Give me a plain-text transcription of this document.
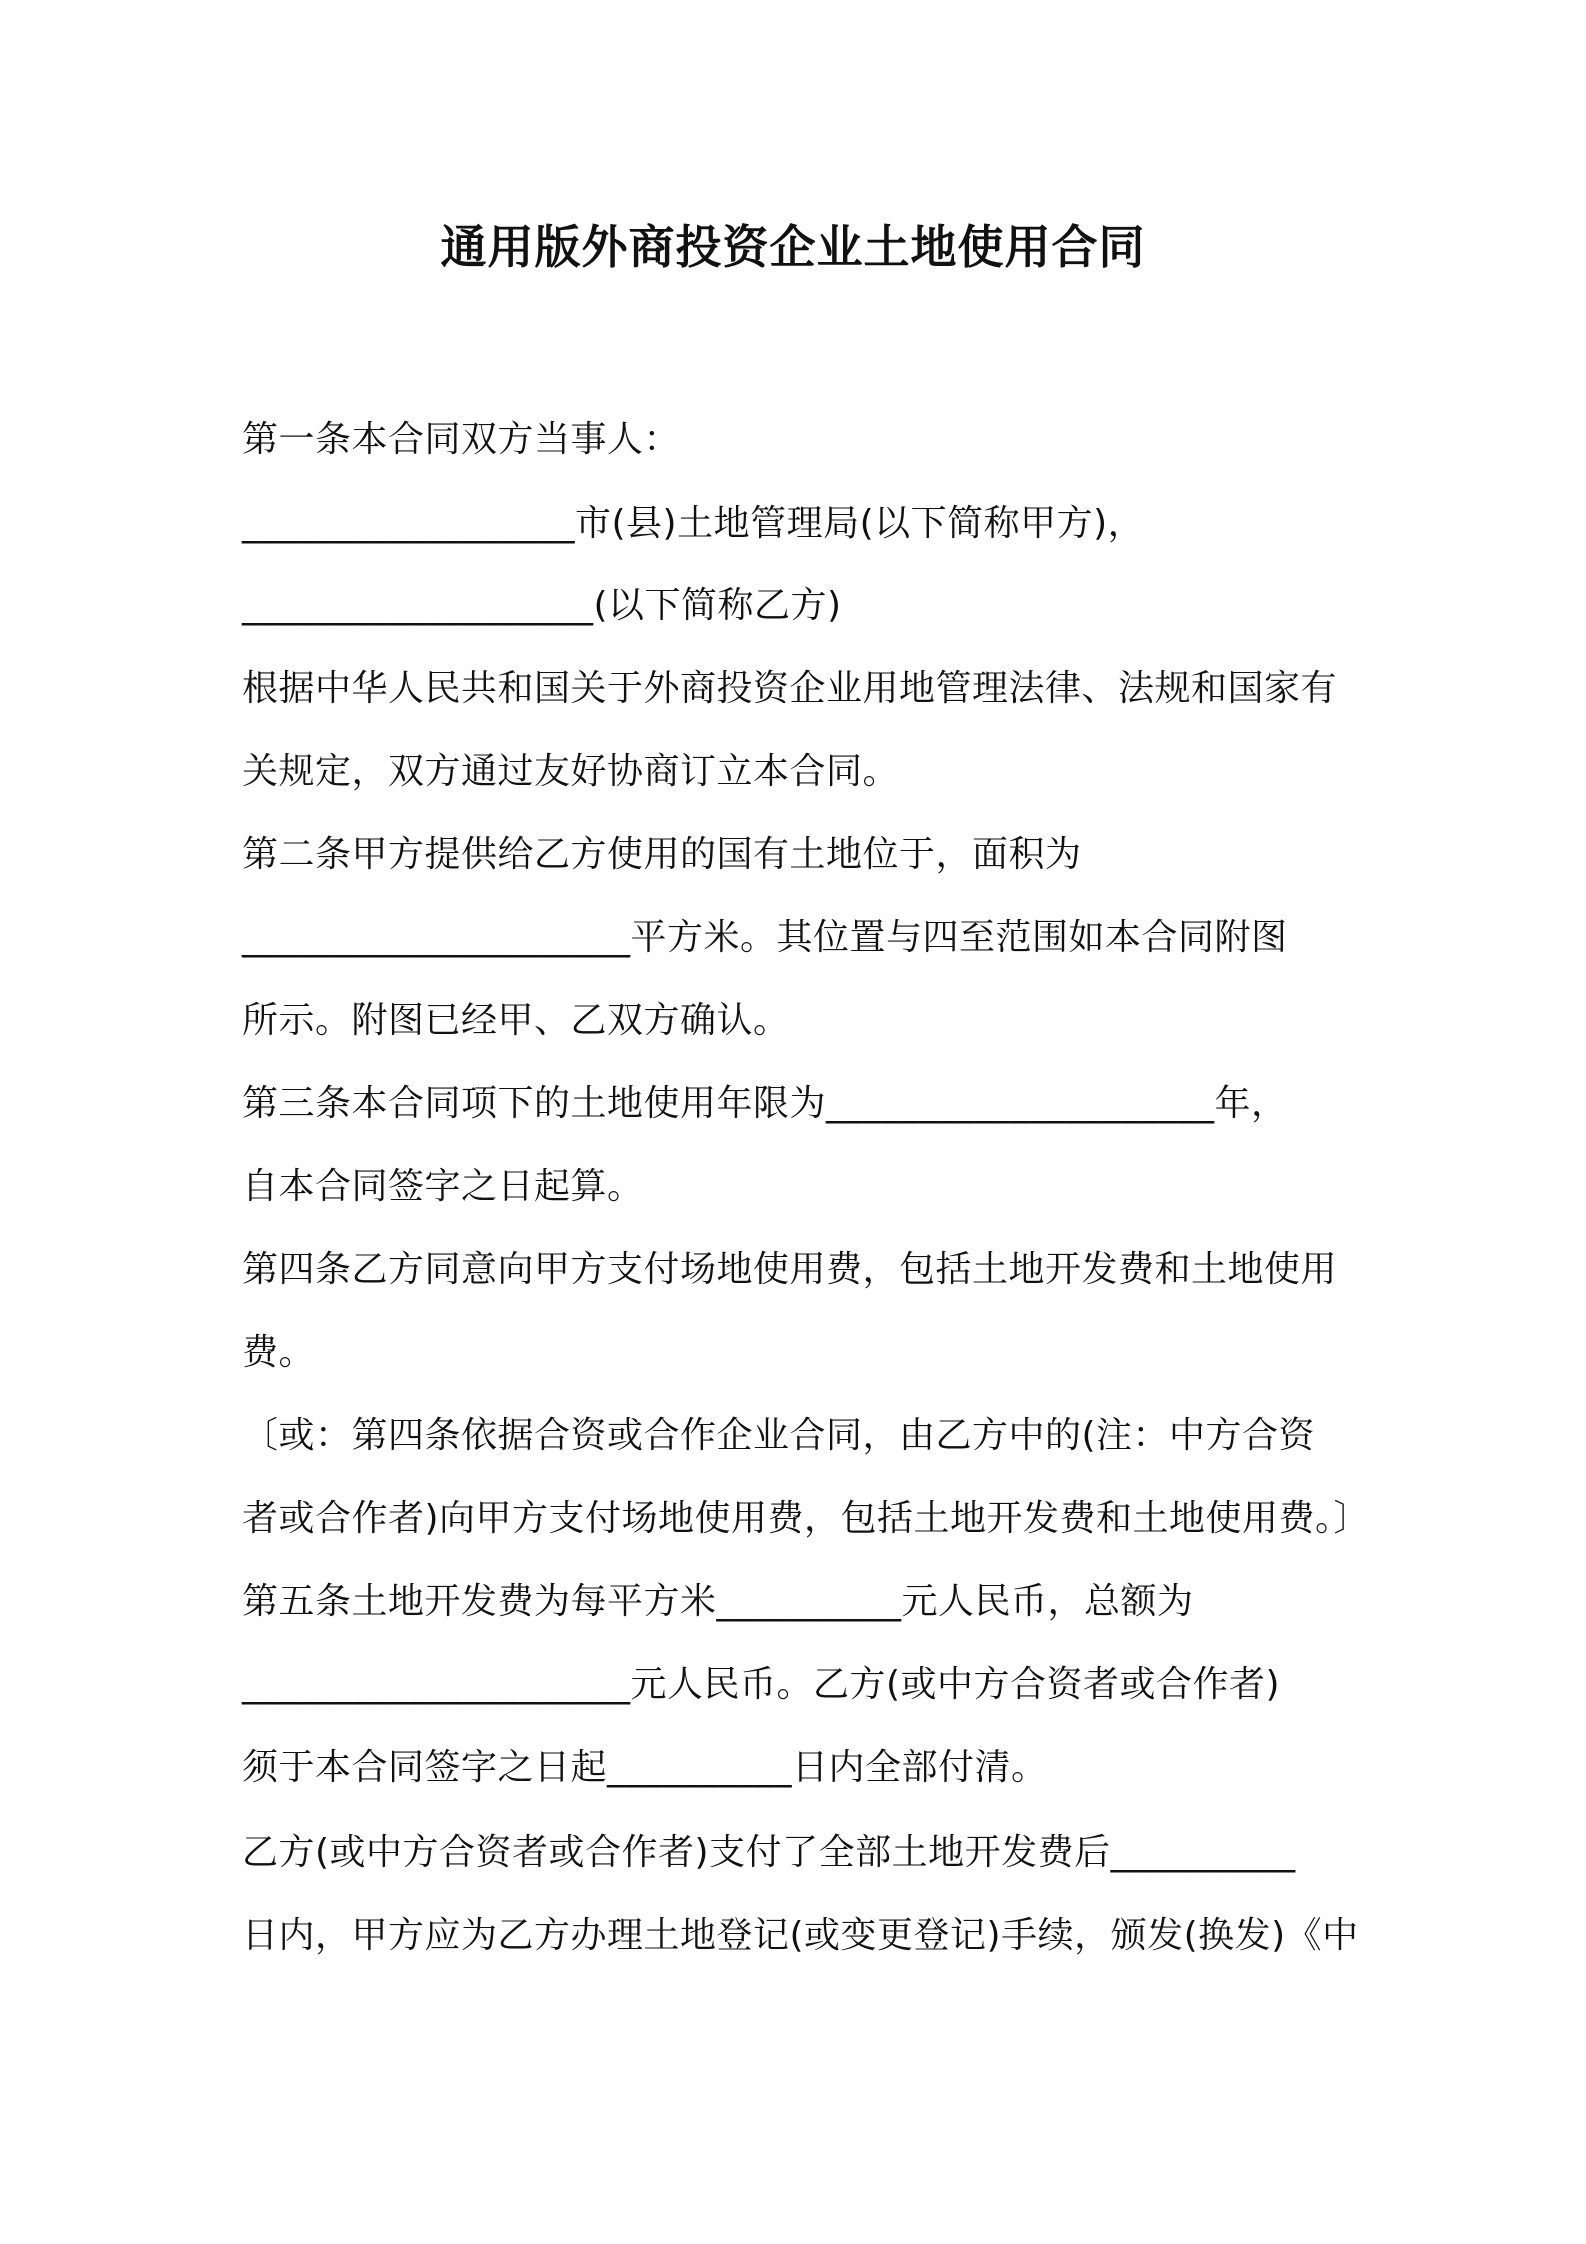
通用版外商投资企业土地使用合同
第一条本合同双方当事人：
__________________市(县)土地管理局(以下简称甲方)，
___________________(以下简称乙方)
根据中华人民共和国关于外商投资企业用地管理法律、法规和国家有
关规定，双方通过友好协商订立本合同。
第二条甲方提供给乙方使用的国有土地位于，面积为
_____________________平方米。其位置与四至范围如本合同附图
所示。附图已经甲、乙双方确认。
第三条本合同项下的土地使用年限为_____________________年，
自本合同签字之日起算。
第四条乙方同意向甲方支付场地使用费，包括土地开发费和土地使用
费。
〔或：第四条依据合资或合作企业合同，由乙方中的(注：中方合资
者或合作者)向甲方支付场地使用费，包括土地开发费和土地使用费。〕
第五条土地开发费为每平方米__________元人民币，总额为
_____________________元人民币。乙方(或中方合资者或合作者)
须于本合同签字之日起__________日内全部付清。
乙方(或中方合资者或合作者)支付了全部土地开发费后__________
日内，甲方应为乙方办理土地登记(或变更登记)手续，颁发(换发)《中
